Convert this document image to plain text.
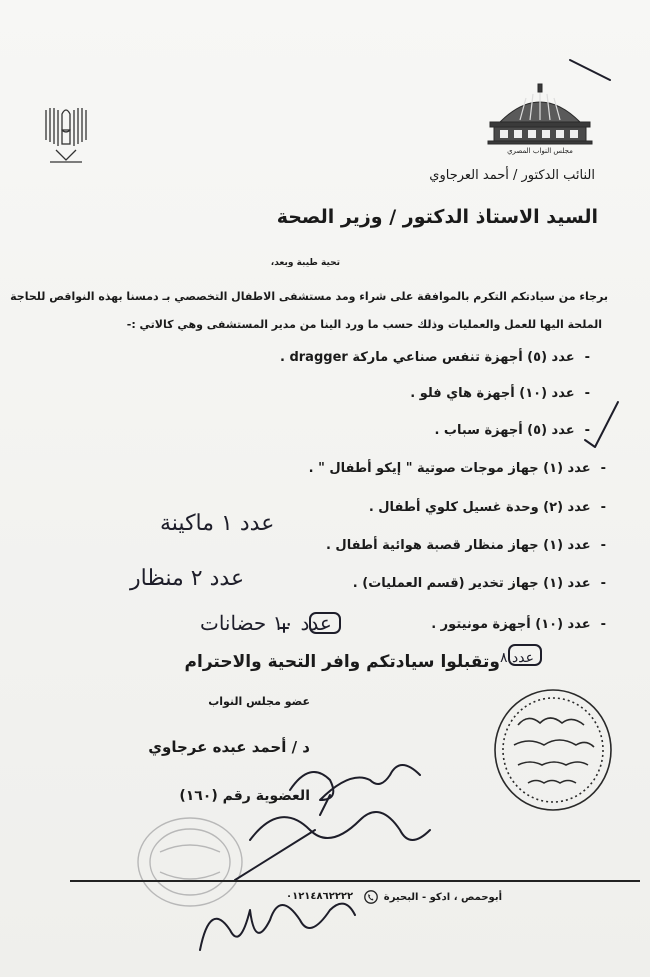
مجلس النواب المصري
النائب الدكتور / أحمد العرجاوي
السيد الاستاذ الدكتور / وزير الصحة
تحية طيبة وبعد،
برجاء من سيادتكم التكرم بالموافقة على شراء ومد مستشفى الاطفال التخصصي بـ دمسنا بهذه النواقص للحاجة
الملحة اليها للعمل والعمليات وذلك حسب ما ورد الينا من مدير المستشفى وهي كالاتي :-
-عدد (٥) أجهزة تنفس صناعي ماركة dragger .
-عدد (١٠) أجهزة هاي فلو .
-عدد (٥) أجهزة سباب .
-عدد (١) جهاز موجات صوتية " إيكو أطفال " .
-عدد (٢) وحدة غسيل كلوي أطفال .
-عدد (١) جهاز منظار قصبة هوائية أطفال .
-عدد (١) جهاز تخدير (قسم العمليات) .
-عدد (١٠) أجهزة مونيتور .
وتقبلوا سيادتكم وافر التحية والاحترام
عضو مجلس النواب
د / أحمد عبده عرجاوي
العضوية رقم (١٦٠)
عدد ١ ماكينة
عدد ٢ منظار
عدد ١٠ حضانات
عدد ٨
أبوحمص ، ادكو - البحيرة
٠١٢١٤٨٦٢٢٢٢
